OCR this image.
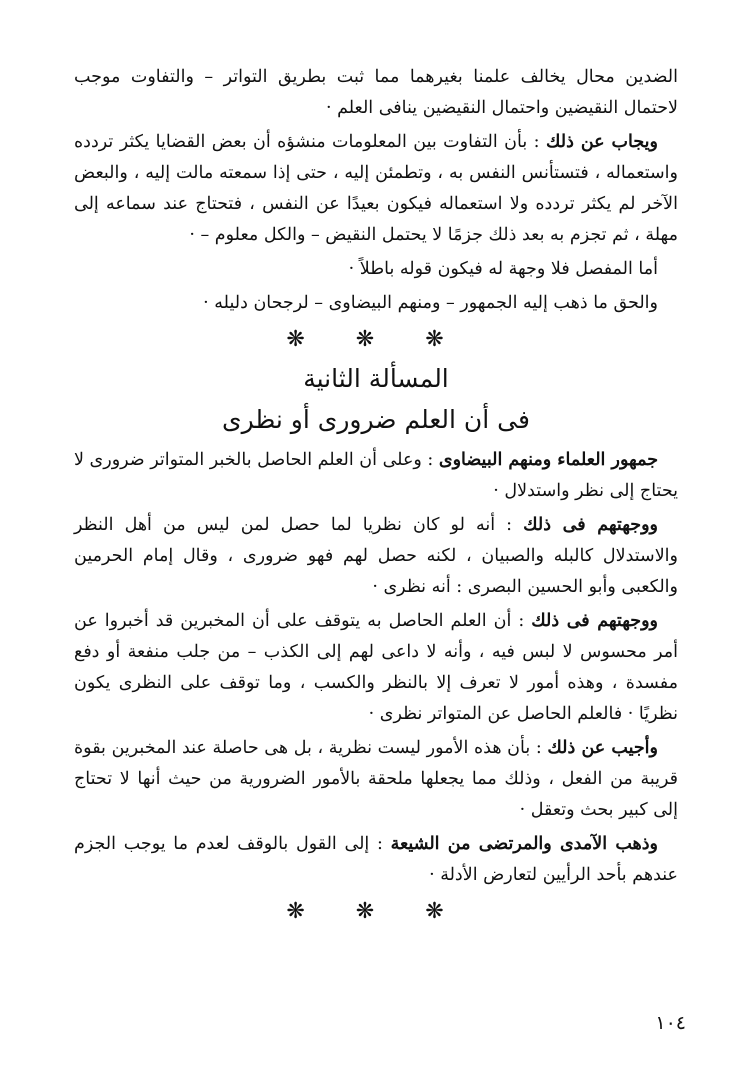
الضدين محال يخالف علمنا بغيرهما مما ثبت بطريق التواتر – والتفاوت موجب لاحتمال النقيضين واحتمال النقيضين ينافى العلم ·

ويجاب عن ذلك : بأن التفاوت بين المعلومات منشؤه أن بعض القضايا يكثر تردده واستعماله ، فتستأنس النفس به ، وتطمئن إليه ، حتى إذا سمعته مالت إليه ، والبعض الآخر لم يكثر تردده ولا استعماله فيكون بعيدًا عن النفس ، فتحتاج عند سماعه إلى مهلة ، ثم تجزم به بعد ذلك جزمًا لا يحتمل النقيض – والكل معلوم – ·

أما المفصل فلا وجهة له فيكون قوله باطلاً ·

والحق ما ذهب إليه الجمهور – ومنهم البيضاوى – لرجحان دليله ·

❋ ❋ ❋
المسألة الثانية
فى أن العلم ضرورى أو نظرى

جمهور العلماء ومنهم البيضاوى : وعلى أن العلم الحاصل بالخبر المتواتر ضرورى لا يحتاج إلى نظر واستدلال ·

ووجهتهم فى ذلك : أنه لو كان نظريا لما حصل لمن ليس من أهل النظر والاستدلال كالبله والصبيان ، لكنه حصل لهم فهو ضرورى ، وقال إمام الحرمين والكعبى وأبو الحسين البصرى : أنه نظرى ·

ووجهتهم فى ذلك : أن العلم الحاصل به يتوقف على أن المخبرين قد أخبروا عن أمر محسوس لا لبس فيه ، وأنه لا داعى لهم إلى الكذب – من جلب منفعة أو دفع مفسدة ، وهذه أمور لا تعرف إلا بالنظر والكسب ، وما توقف على النظرى يكون نظريًا · فالعلم الحاصل عن المتواتر نظرى ·

وأجيب عن ذلك : بأن هذه الأمور ليست نظرية ، بل هى حاصلة عند المخبرين بقوة قريبة من الفعل ، وذلك مما يجعلها ملحقة بالأمور الضرورية من حيث أنها لا تحتاج إلى كبير بحث وتعقل ·

وذهب الآمدى والمرتضى من الشيعة : إلى القول بالوقف لعدم ما يوجب الجزم عندهم بأحد الرأيين لتعارض الأدلة ·

❋ ❋ ❋
١٠٤
